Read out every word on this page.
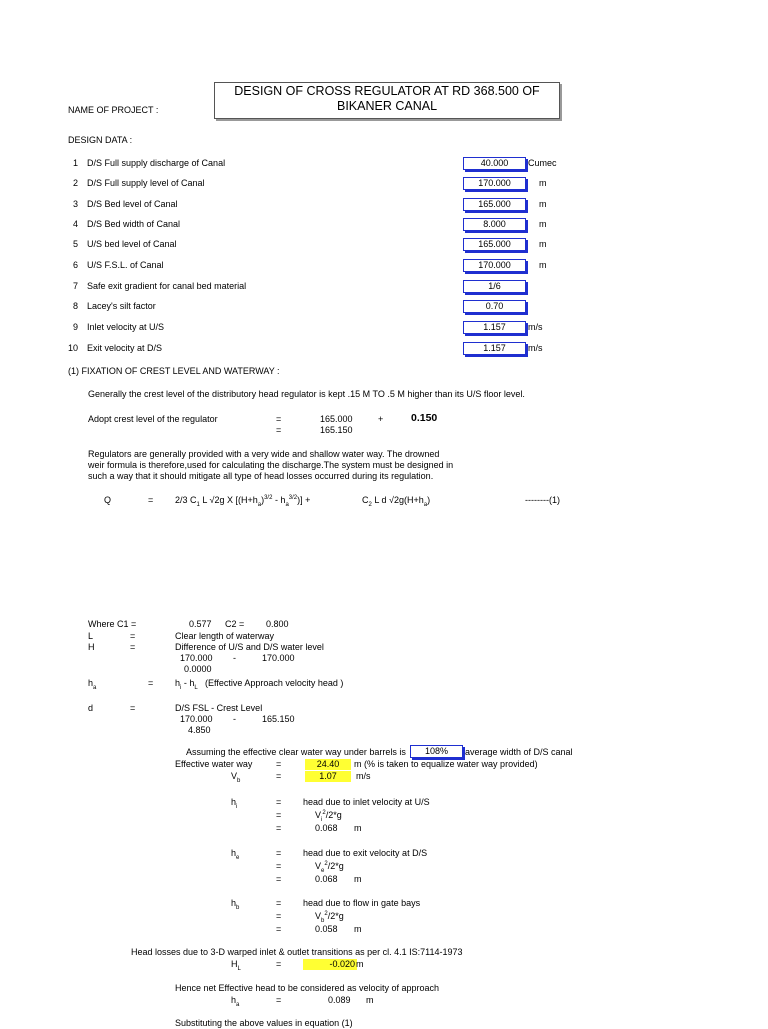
DESIGN OF CROSS REGULATOR AT RD 368.500 OF
BIKANER CANAL
NAME OF PROJECT :
DESIGN DATA :
1 D/S Full supply discharge of Canal	40.000	Cumec
2 D/S Full supply level of Canal	170.000	m
3 D/S Bed level of Canal	165.000	m
4 D/S Bed width of Canal	8.000	m
5 U/S bed level of Canal	165.000	m
6 U/S F.S.L. of Canal	170.000	m
7 Safe exit gradient for canal bed material	1/6
8 Lacey's silt factor	0.70
9 Inlet velocity at U/S	1.157	m/s
10 Exit velocity at D/S	1.157	m/s
(1) FIXATION OF CREST LEVEL AND WATERWAY :
Generally the crest level of the distributory head regulator is kept .15 M TO .5 M higher than its U/S floor level.
Adopt crest level of the regulator	=	165.000	+	0.150
=	165.150
Regulators are generally provided with a very wide and shallow water way. The drowned
weir formula is therefore,used for calculating the discharge.The system must be designed in
such a way that it should mitigate all type of head losses occurred during its regulation.
Q	= 2/3 $C_1$ L √2g X $[(H+h_a)^{3/2} - h_a^{3/2})$] +	$C_2$ L d $√2g(H+h_a)$	--------(1)
Where C1 =	0.577 C2 = 0.800
L	=	Clear length of waterway
H	=	Difference of U/S and D/S water level
170.000 -	170.000
0.0000
$h_a$	= $h_i - h_L$ (Effective Approach velocity head )
d	=	D/S FSL - Crest Level
170.000 -	165.150
4.850
Assuming the effective clear water way under barrels is	108%	average width of D/S canal
Effective water way	=	24.40	m (% is taken to equalize water way provided)
$V_b$	=	1.07	m/s
$h_i$	= head due to inlet velocity at U/S
=	$V_i^2/2*g$
=	0.068 m
$h_e$	= head due to exit velocity at D/S
=	$V_e^2/2*g$
=	0.068 m
$h_b$	= head due to flow in gate bays
=	$V_b^2/2*g$
=	0.058 m
Head losses due to 3-D warped inlet & outlet transitions as per cl. 4.1 IS:7114-1973
$H_L$	=	-0.020 m
Hence net Effective head to be considered as velocity of approach
$h_a$	=	0.089 m
Substituting the above values in equation (1)
